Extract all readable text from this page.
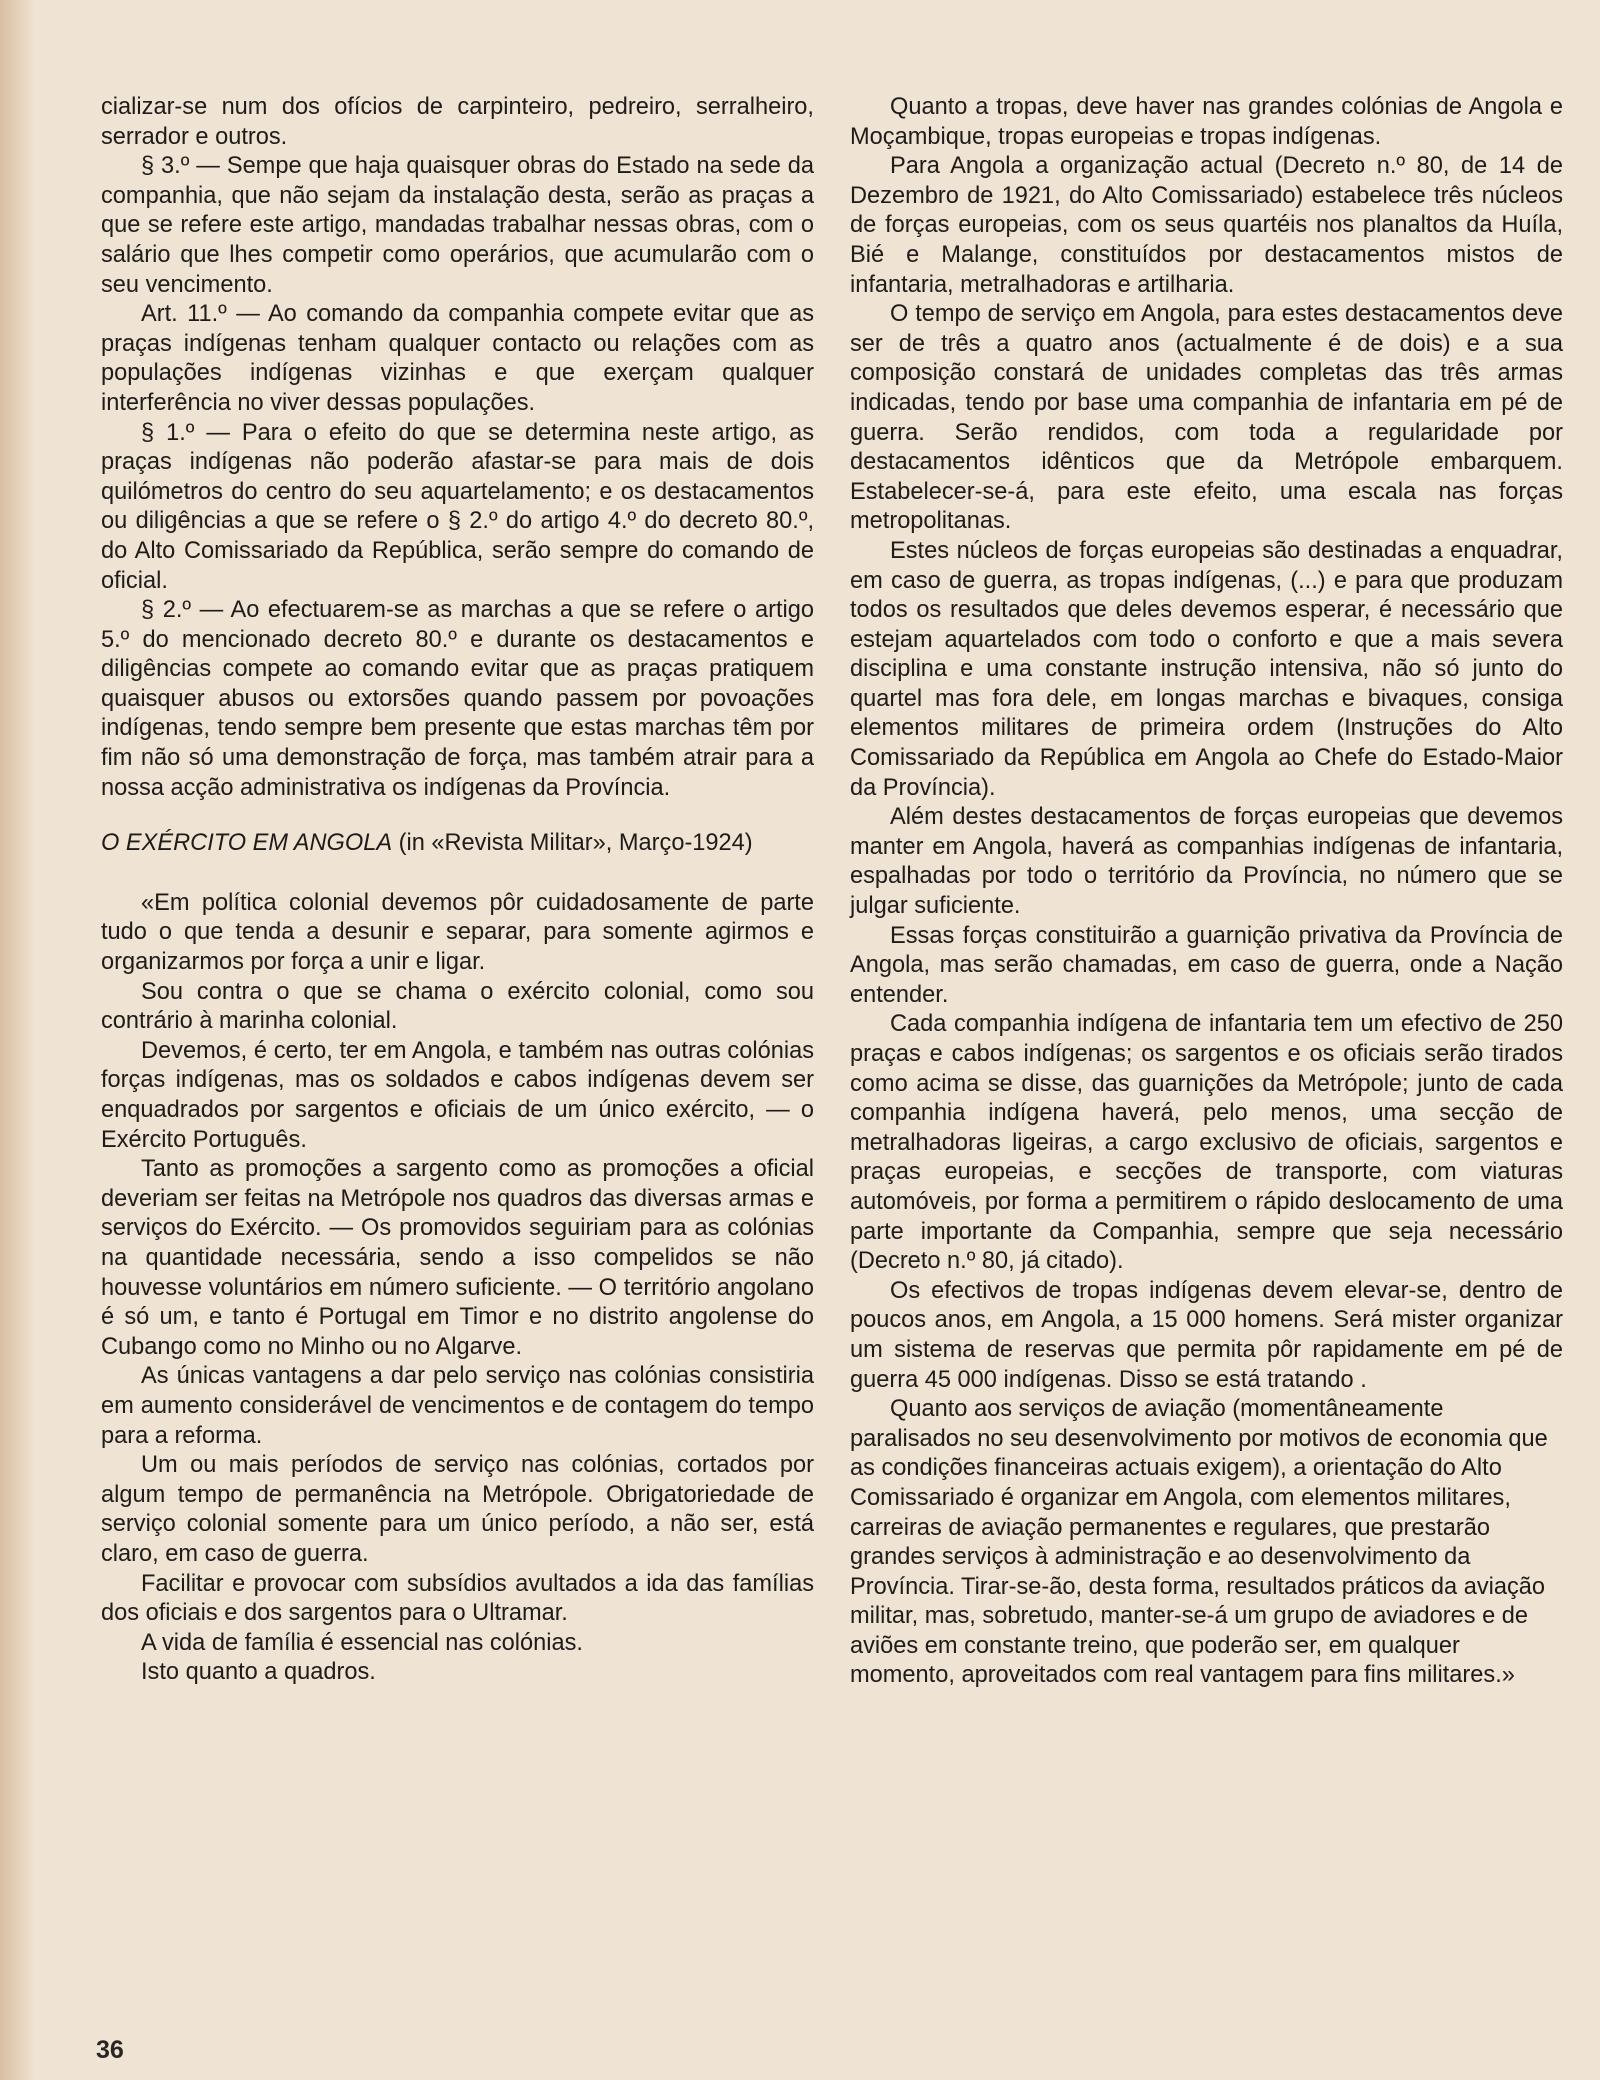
cializar-se num dos ofícios de carpinteiro, pedreiro, serralheiro, serrador e outros.

§ 3.º — Sempe que haja quaisquer obras do Estado na sede da companhia, que não sejam da instalação desta, serão as praças a que se refere este artigo, mandadas trabalhar nessas obras, com o salário que lhes competir como operários, que acumularão com o seu vencimento.

Art. 11.º — Ao comando da companhia compete evitar que as praças indígenas tenham qualquer contacto ou relações com as populações indígenas vizinhas e que exerçam qualquer interferência no viver dessas populações.

§ 1.º — Para o efeito do que se determina neste artigo, as praças indígenas não poderão afastar-se para mais de dois quilómetros do centro do seu aquartelamento; e os destacamentos ou diligências a que se refere o § 2.º do artigo 4.º do decreto 80.º, do Alto Comissariado da República, serão sempre do comando de oficial.

§ 2.º — Ao efectuarem-se as marchas a que se refere o artigo 5.º do mencionado decreto 80.º e durante os destacamentos e diligências compete ao comando evitar que as praças pratiquem quaisquer abusos ou extorsões quando passem por povoações indígenas, tendo sempre bem presente que estas marchas têm por fim não só uma demonstração de força, mas também atrair para a nossa acção administrativa os indígenas da Província.

O EXÉRCITO EM ANGOLA (in «Revista Militar», Março-1924)

«Em política colonial devemos pôr cuidadosamente de parte tudo o que tenda a desunir e separar, para somente agirmos e organizarmos por força a unir e ligar.

Sou contra o que se chama o exército colonial, como sou contrário à marinha colonial.

Devemos, é certo, ter em Angola, e também nas outras colónias forças indígenas, mas os soldados e cabos indígenas devem ser enquadrados por sargentos e oficiais de um único exército, — o Exército Português.

Tanto as promoções a sargento como as promoções a oficial deveriam ser feitas na Metrópole nos quadros das diversas armas e serviços do Exército. — Os promovidos seguiriam para as colónias na quantidade necessária, sendo a isso compelidos se não houvesse voluntários em número suficiente. — O território angolano é só um, e tanto é Portugal em Timor e no distrito angolense do Cubango como no Minho ou no Algarve.

As únicas vantagens a dar pelo serviço nas colónias consistiria em aumento considerável de vencimentos e de contagem do tempo para a reforma.

Um ou mais períodos de serviço nas colónias, cortados por algum tempo de permanência na Metrópole. Obrigatoriedade de serviço colonial somente para um único período, a não ser, está claro, em caso de guerra.

Facilitar e provocar com subsídios avultados a ida das famílias dos oficiais e dos sargentos para o Ultramar.

A vida de família é essencial nas colónias.

Isto quanto a quadros.

Quanto a tropas, deve haver nas grandes colónias de Angola e Moçambique, tropas europeias e tropas indígenas.

Para Angola a organização actual (Decreto n.º 80, de 14 de Dezembro de 1921, do Alto Comissariado) estabelece três núcleos de forças europeias, com os seus quartéis nos planaltos da Huíla, Bié e Malange, constituídos por destacamentos mistos de infantaria, metralhadoras e artilharia.

O tempo de serviço em Angola, para estes destacamentos deve ser de três a quatro anos (actualmente é de dois) e a sua composição constará de unidades completas das três armas indicadas, tendo por base uma companhia de infantaria em pé de guerra. Serão rendidos, com toda a regularidade por destacamentos idênticos que da Metrópole embarquem. Estabelecer-se-á, para este efeito, uma escala nas forças metropolitanas.

Estes núcleos de forças europeias são destinadas a enquadrar, em caso de guerra, as tropas indígenas, (...) e para que produzam todos os resultados que deles devemos esperar, é necessário que estejam aquartelados com todo o conforto e que a mais severa disciplina e uma constante instrução intensiva, não só junto do quartel mas fora dele, em longas marchas e bivaques, consiga elementos militares de primeira ordem (Instruções do Alto Comissariado da República em Angola ao Chefe do Estado-Maior da Província).

Além destes destacamentos de forças europeias que devemos manter em Angola, haverá as companhias indígenas de infantaria, espalhadas por todo o território da Província, no número que se julgar suficiente.

Essas forças constituirão a guarnição privativa da Província de Angola, mas serão chamadas, em caso de guerra, onde a Nação entender.

Cada companhia indígena de infantaria tem um efectivo de 250 praças e cabos indígenas; os sargentos e os oficiais serão tirados como acima se disse, das guarnições da Metrópole; junto de cada companhia indígena haverá, pelo menos, uma secção de metralhadoras ligeiras, a cargo exclusivo de oficiais, sargentos e praças europeias, e secções de transporte, com viaturas automóveis, por forma a permitirem o rápido deslocamento de uma parte importante da Companhia, sempre que seja necessário (Decreto n.º 80, já citado).

Os efectivos de tropas indígenas devem elevar-se, dentro de poucos anos, em Angola, a 15 000 homens. Será mister organizar um sistema de reservas que permita pôr rapidamente em pé de guerra 45 000 indígenas. Disso se está tratando .

Quanto aos serviços de aviação (momentâneamente paralisados no seu desenvolvimento por motivos de economia que as condições financeiras actuais exigem), a orientação do Alto Comissariado é organizar em Angola, com elementos militares, carreiras de aviação permanentes e regulares, que prestarão grandes serviços à administração e ao desenvolvimento da Província. Tirar-se-ão, desta forma, resultados práticos da aviação militar, mas, sobretudo, manter-se-á um grupo de aviadores e de aviões em constante treino, que poderão ser, em qualquer momento, aproveitados com real vantagem para fins militares.»

36
